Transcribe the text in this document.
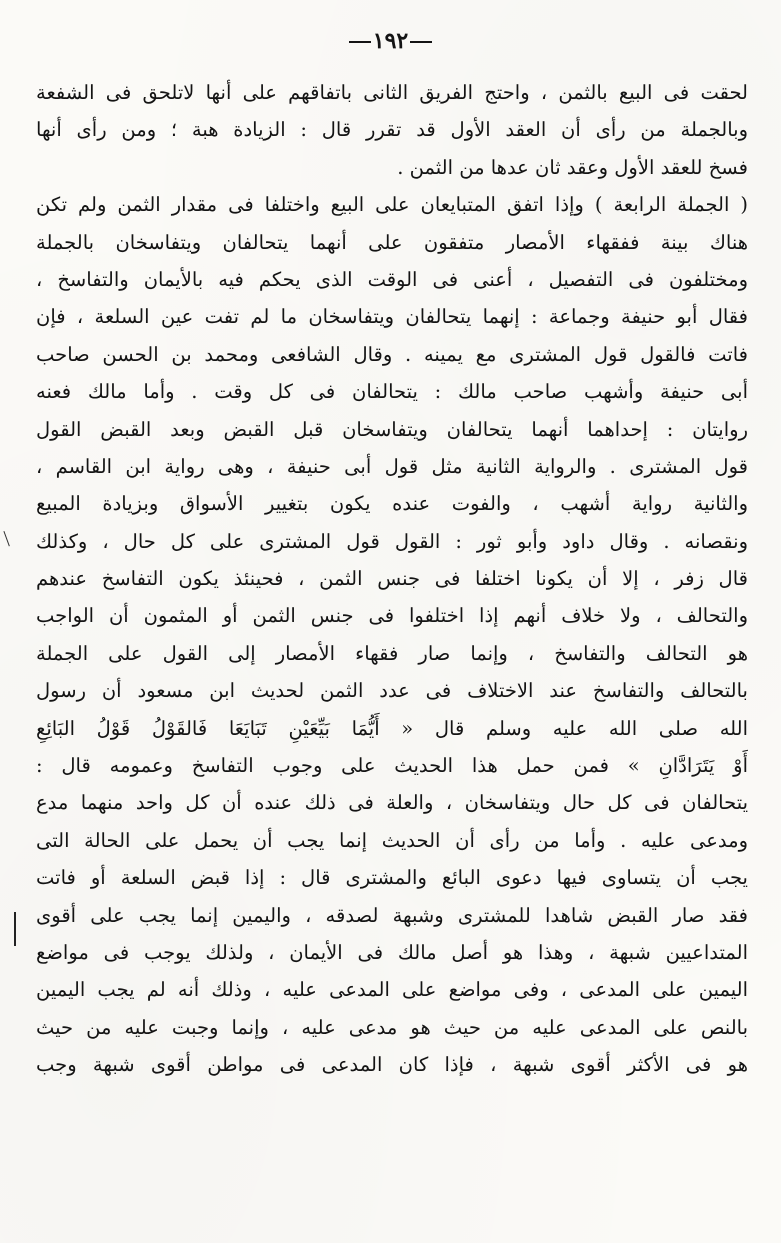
١٩٢
لحقت فى البيع بالثمن ، واحتج الفريق الثانى باتفاقهم على أنها لاتلحق فى الشفعة
وبالجملة من رأى أن العقد الأول قد تقرر قال : الزيادة هبة ؛ ومن رأى أنها
فسخ للعقد الأول وعقد ثان عدها من الثمن .
( الجملة الرابعة ) وإذا اتفق المتبايعان على البيع واختلفا فى مقدار الثمن ولم تكن
هناك بينة ففقهاء الأمصار متفقون على أنهما يتحالفان ويتفاسخان بالجملة
ومختلفون فى التفصيل ، أعنى فى الوقت الذى يحكم فيه بالأيمان والتفاسخ ،
فقال أبو حنيفة وجماعة : إنهما يتحالفان ويتفاسخان ما لم تفت عين السلعة ، فإن
فاتت فالقول قول المشترى مع يمينه . وقال الشافعى ومحمد بن الحسن صاحب
أبى حنيفة وأشهب صاحب مالك : يتحالفان فى كل وقت . وأما مالك فعنه
روايتان : إحداهما أنهما يتحالفان ويتفاسخان قبل القبض وبعد القبض القول
قول المشترى . والرواية الثانية مثل قول أبى حنيفة ، وهى رواية ابن القاسم ،
والثانية رواية أشهب ، والفوت عنده يكون بتغيير الأسواق وبزيادة المبيع
ونقصانه . وقال داود وأبو ثور : القول قول المشترى على كل حال ، وكذلك
قال زفر ، إلا أن يكونا اختلفا فى جنس الثمن ، فحينئذ يكون التفاسخ عندهم
والتحالف ، ولا خلاف أنهم إذا اختلفوا فى جنس الثمن أو المثمون أن الواجب
هو التحالف والتفاسخ ، وإنما صار فقهاء الأمصار إلى القول على الجملة
بالتحالف والتفاسخ عند الاختلاف فى عدد الثمن لحديث ابن مسعود أن رسول
الله صلى الله عليه وسلم قال « أَيُّمَا بَيِّعَيْنِ تَبَايَعَا فَالقَوْلُ قَوْلُ البَائِعِ
أَوْ يَتَرَادَّانِ » فمن حمل هذا الحديث على وجوب التفاسخ وعمومه قال :
يتحالفان فى كل حال ويتفاسخان ، والعلة فى ذلك عنده أن كل واحد منهما مدع
ومدعى عليه . وأما من رأى أن الحديث إنما يجب أن يحمل على الحالة التى
يجب أن يتساوى فيها دعوى البائع والمشترى قال : إذا قبض السلعة أو فاتت
فقد صار القبض شاهدا للمشترى وشبهة لصدقه ، واليمين إنما يجب على أقوى
المتداعيين شبهة ، وهذا هو أصل مالك فى الأيمان ، ولذلك يوجب فى مواضع
اليمين على المدعى ، وفى مواضع على المدعى عليه ، وذلك أنه لم يجب اليمين
بالنص على المدعى عليه من حيث هو مدعى عليه ، وإنما وجبت عليه من حيث
هو فى الأكثر أقوى شبهة ، فإذا كان المدعى فى مواطن أقوى شبهة وجب
